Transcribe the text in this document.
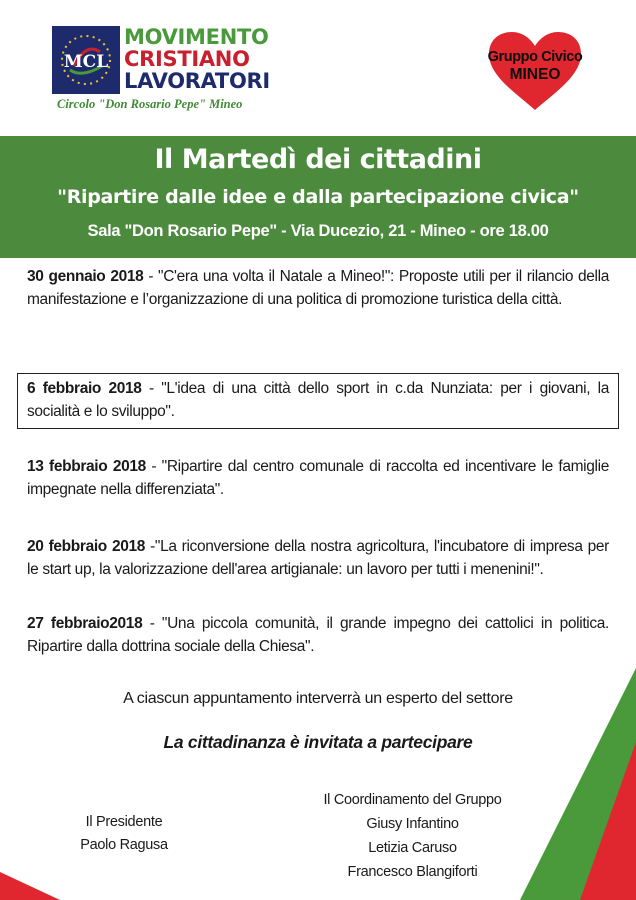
MCL
MOVIMENTO
CRISTIANO
LAVORATORI
Circolo "Don Rosario Pepe" Mineo
Gruppo Civico
MINEO
Il Martedì dei cittadini
"Ripartire dalle idee e dalla partecipazione civica"
Sala "Don Rosario Pepe" - Via Ducezio, 21 - Mineo - ore 18.00
30 gennaio 2018 - "C'era una volta il Natale a Mineo!": Proposte utili per il rilancio della manifestazione e l’organizzazione di una politica di promozione turistica della città.
6 febbraio 2018 - "L'idea di una città dello sport in c.da Nunziata: per i giovani, la socialità e lo sviluppo".
13 febbraio 2018 - "Ripartire dal centro comunale di raccolta ed incentivare le famiglie impegnate nella differenziata".
20 febbraio 2018 -"La riconversione della nostra agricoltura, l'incubatore di impresa per le start up, la valorizzazione dell'area artigianale: un lavoro per tutti i menenini!".
27 febbraio2018 - "Una piccola comunità, il grande impegno dei cattolici in politica. Ripartire dalla dottrina sociale della Chiesa".
A ciascun appuntamento interverrà un esperto del settore
La cittadinanza è invitata a partecipare
Il Presidente
Paolo Ragusa
Il Coordinamento del Gruppo
Giusy Infantino
Letizia Caruso
Francesco Blangiforti
